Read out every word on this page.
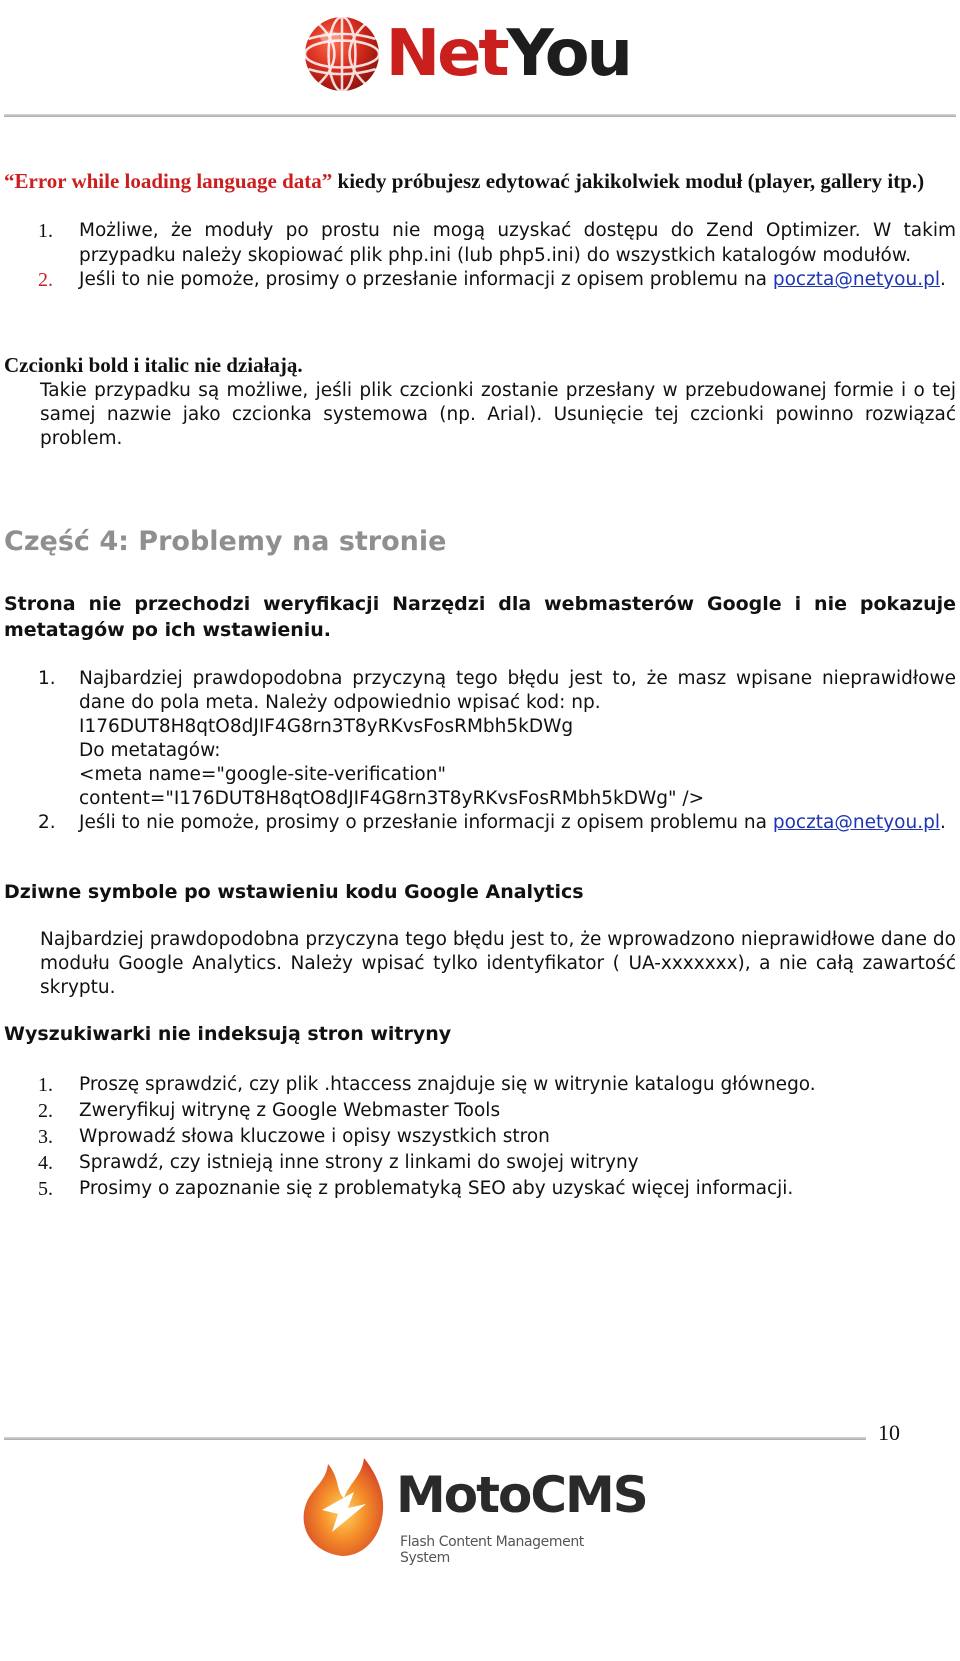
NetYou

“Error while loading language data” kiedy próbujesz edytować jakikolwiek moduł (player, gallery itp.)

1. Możliwe, że moduły po prostu nie mogą uzyskać dostępu do Zend Optimizer. W takim przypadku należy skopiować plik php.ini (lub php5.ini) do wszystkich katalogów modułów.
2. Jeśli to nie pomoże, prosimy o przesłanie informacji z opisem problemu na poczta@netyou.pl.

Czcionki bold i italic nie działają.

Takie przypadku są możliwe, jeśli plik czcionki zostanie przesłany w przebudowanej formie i o tej samej nazwie jako czcionka systemowa (np. Arial). Usunięcie tej czcionki powinno rozwiązać problem.

Część 4: Problemy na stronie

Strona nie przechodzi weryfikacji Narzędzi dla webmasterów Google i nie pokazuje metatagów po ich wstawieniu.

1. Najbardziej prawdopodobna przyczyną tego błędu jest to, że masz wpisane nieprawidłowe dane do pola meta. Należy odpowiednio wpisać kod: np.
I176DUT8H8qtO8dJIF4G8rn3T8yRKvsFosRMbh5kDWg
Do metatagów:
<meta name="google-site-verification"
content="I176DUT8H8qtO8dJIF4G8rn3T8yRKvsFosRMbh5kDWg" />
2. Jeśli to nie pomoże, prosimy o przesłanie informacji z opisem problemu na poczta@netyou.pl.

Dziwne symbole po wstawieniu kodu Google Analytics

Najbardziej prawdopodobna przyczyna tego błędu jest to, że wprowadzono nieprawidłowe dane do modułu Google Analytics. Należy wpisać tylko identyfikator ( UA-xxxxxxx), a nie całą zawartość skryptu.

Wyszukiwarki nie indeksują stron witryny

1. Proszę sprawdzić, czy plik .htaccess znajduje się w witrynie katalogu głównego.
2. Zweryfikuj witrynę z Google Webmaster Tools
3. Wprowadź słowa kluczowe i opisy wszystkich stron
4. Sprawdź, czy istnieją inne strony z linkami do swojej witryny
5. Prosimy o zapoznanie się z problematyką SEO aby uzyskać więcej informacji.
10
MotoCMS
Flash Content Management System
